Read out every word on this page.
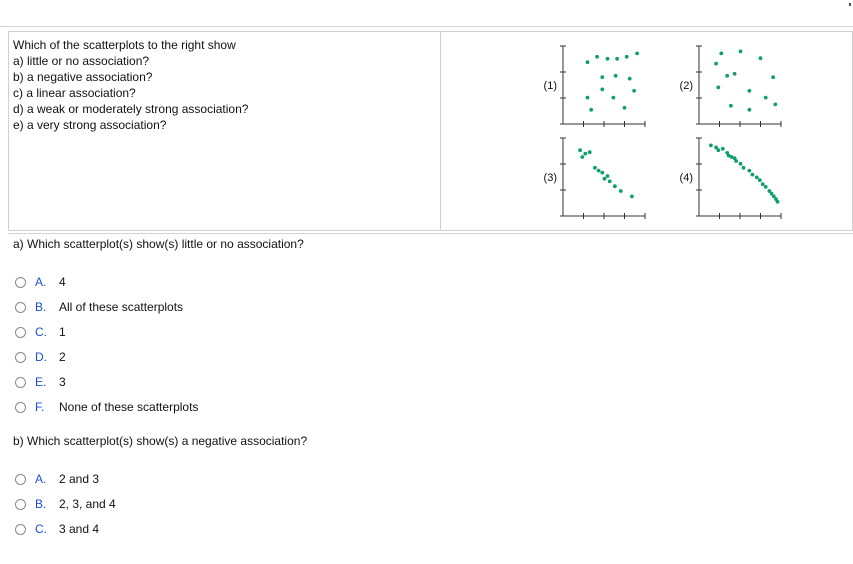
Which of the scatterplots to the right show
a) little or no association?
b) a negative association?
c) a linear association?
d) a weak or moderately strong association?
e) a very strong association?
(1)	(2)
(3)	(4)
a) Which scatterplot(s) show(s) little or no association?
A.	4
B.	All of these scatterplots
C.	1
D.	2
E.	3
F.	None of these scatterplots
b) Which scatterplot(s) show(s) a negative association?
A.	2 and 3
B.	2, 3, and 4
C.	3 and 4
